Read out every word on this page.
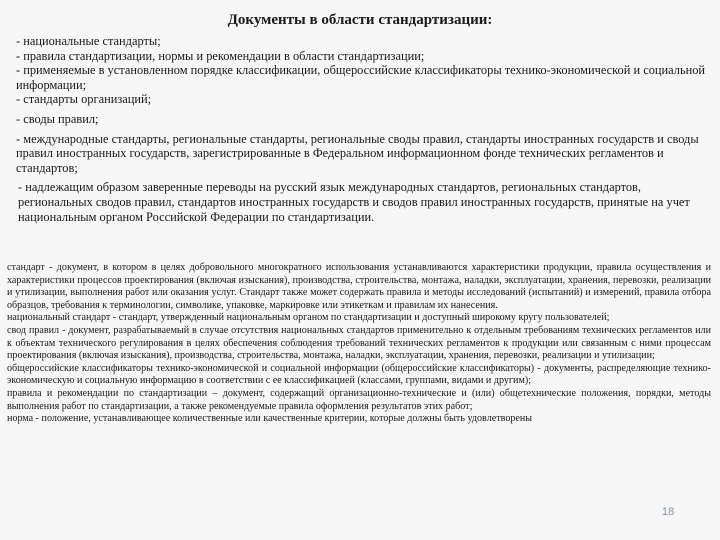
Документы в области стандартизации:

- национальные стандарты;

- правила стандартизации, нормы и рекомендации в области стандартизации;

- применяемые в установленном порядке классификации, общероссийские классификаторы технико-экономической и социальной информации;

- стандарты организаций;

- своды правил;

- международные стандарты, региональные стандарты, региональные своды правил, стандарты иностранных государств и своды правил иностранных государств, зарегистрированные в Федеральном информационном фонде технических регламентов и стандартов;

- надлежащим образом заверенные переводы на русский язык международных стандартов, региональных стандартов, региональных сводов правил, стандартов иностранных государств и сводов правил иностранных государств, принятые на учет национальным органом Российской Федерации по стандартизации.

стандарт - документ, в котором в целях добровольного многократного использования устанавливаются характеристики продукции, правила осуществления и характеристики процессов проектирования (включая изыскания), производства, строительства, монтажа, наладки, эксплуатации, хранения, перевозки, реализации и утилизации, выполнения работ или оказания услуг. Стандарт также может содержать правила и методы исследований (испытаний) и измерений, правила отбора образцов, требования к терминологии, символике, упаковке, маркировке или этикеткам и правилам их нанесения.

национальный стандарт - стандарт, утвержденный национальным органом по стандартизации и доступный широкому кругу пользователей;

свод правил - документ, разрабатываемый в случае отсутствия национальных стандартов применительно к отдельным требованиям технических регламентов или к объектам технического регулирования в целях обеспечения соблюдения требований технических регламентов к продукции или связанным с ними процессам проектирования (включая изыскания), производства, строительства, монтажа, наладки, эксплуатации, хранения, перевозки, реализации и утилизации;

общероссийские классификаторы технико-экономической и социальной информации (общероссийские классификаторы) - документы, распределяющие технико-экономическую и социальную информацию в соответствии с ее классификацией (классами, группами, видами и другим);

правила и рекомендации по стандартизации – документ, содержащий организационно-технические и (или) общетехнические положения, порядки, методы выполнения работ по стандартизации, а также рекомендуемые правила оформления результатов этих работ;

норма - положение, устанавливающее количественные или качественные критерии, которые должны быть удовлетворены

18
